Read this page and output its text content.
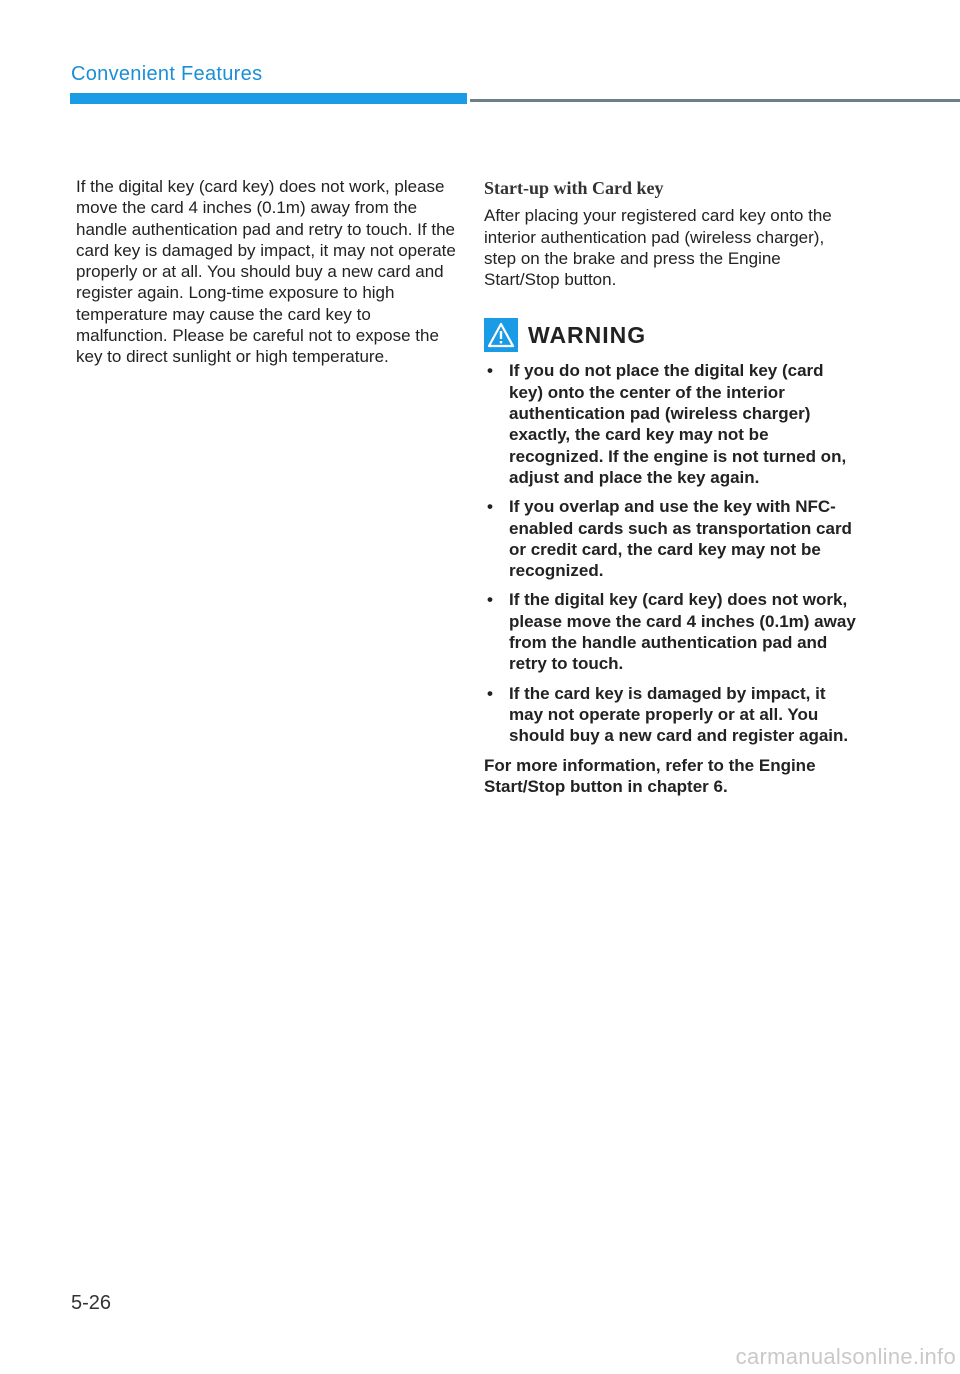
Convenient Features

If the digital key (card key) does not work, please move the card 4 inches (0.1m) away from the handle authentication pad and retry to touch. If the card key is damaged by impact, it may not operate properly or at all. You should buy a new card and register again. Long-time exposure to high temperature may cause the card key to malfunction. Please be careful not to expose the key to direct sunlight or high temperature.

Start-up with Card key

After placing your registered card key onto the interior authentication pad (wireless charger), step on the brake and press the Engine Start/Stop button.

WARNING
• If you do not place the digital key (card key) onto the center of the interior authentication pad (wireless charger) exactly, the card key may not be recognized. If the engine is not turned on, adjust and place the key again.
• If you overlap and use the key with NFC-enabled cards such as transportation card or credit card, the card key may not be recognized.
• If the digital key (card key) does not work, please move the card 4 inches (0.1m) away from the handle authentication pad and retry to touch.
• If the card key is damaged by impact, it may not operate properly or at all. You should buy a new card and register again.

For more information, refer to the Engine Start/Stop button in chapter 6.

5-26
carmanualsonline.info
